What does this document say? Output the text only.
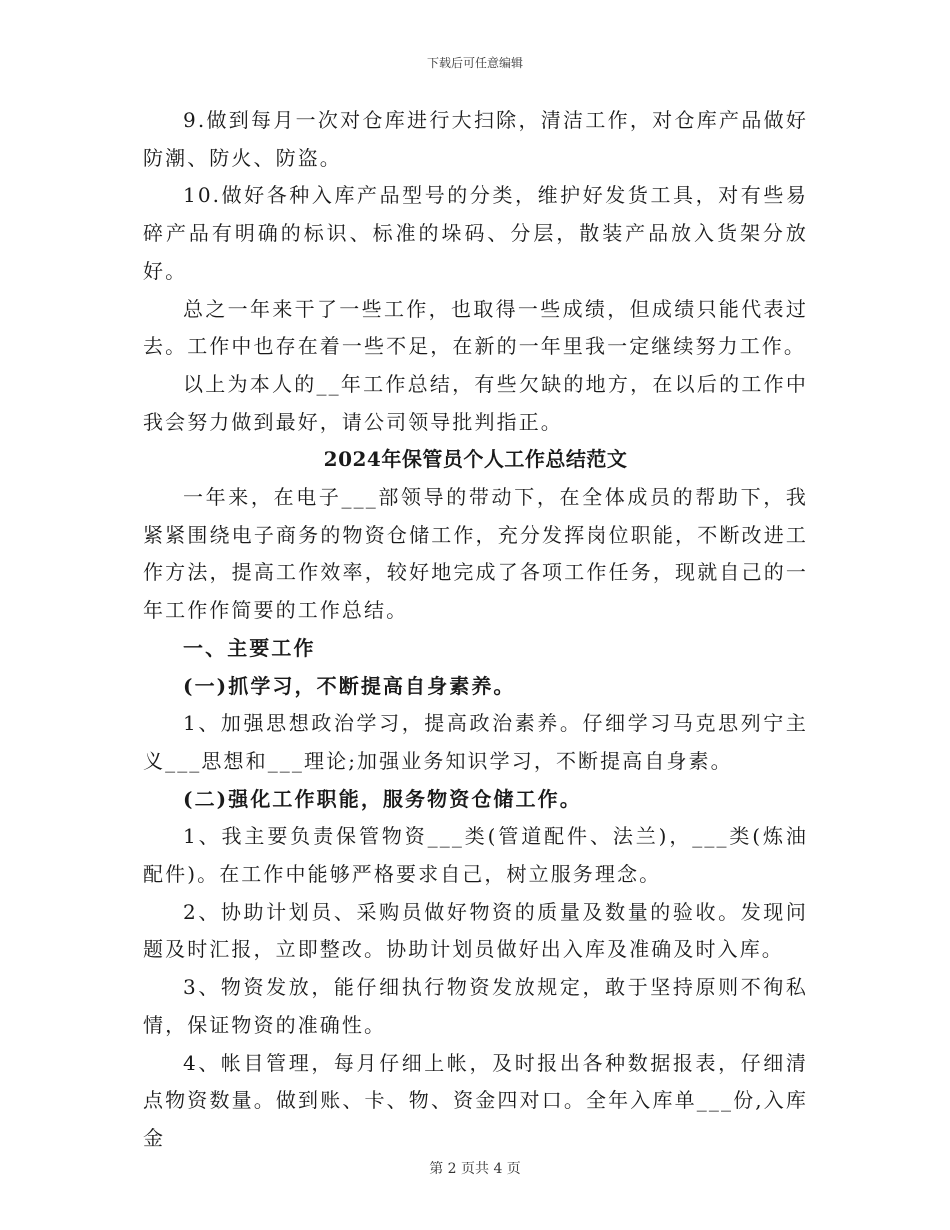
下载后可任意编辑

9.做到每月一次对仓库进行大扫除，清洁工作，对仓库产品做好防潮、防火、防盗。

10.做好各种入库产品型号的分类，维护好发货工具，对有些易碎产品有明确的标识、标准的垛码、分层，散装产品放入货架分放好。

总之一年来干了一些工作，也取得一些成绩，但成绩只能代表过去。工作中也存在着一些不足，在新的一年里我一定继续努力工作。

以上为本人的__年工作总结，有些欠缺的地方，在以后的工作中我会努力做到最好，请公司领导批判指正。

2024年保管员个人工作总结范文

一年来，在电子___部领导的带动下，在全体成员的帮助下，我紧紧围绕电子商务的物资仓储工作，充分发挥岗位职能，不断改进工作方法，提高工作效率，较好地完成了各项工作任务，现就自己的一年工作作简要的工作总结。

一、主要工作

(一)抓学习，不断提高自身素养。

1、加强思想政治学习，提高政治素养。仔细学习马克思列宁主义___思想和___理论;加强业务知识学习，不断提高自身素。

(二)强化工作职能，服务物资仓储工作。

1、我主要负责保管物资___类(管道配件、法兰)，___类(炼油配件)。在工作中能够严格要求自己，树立服务理念。

2、协助计划员、采购员做好物资的质量及数量的验收。发现问题及时汇报，立即整改。协助计划员做好出入库及准确及时入库。

3、物资发放，能仔细执行物资发放规定，敢于坚持原则不徇私情，保证物资的准确性。

4、帐目管理，每月仔细上帐，及时报出各种数据报表，仔细清点物资数量。做到账、卡、物、资金四对口。全年入库单___份,入库金

第 2 页共 4 页
